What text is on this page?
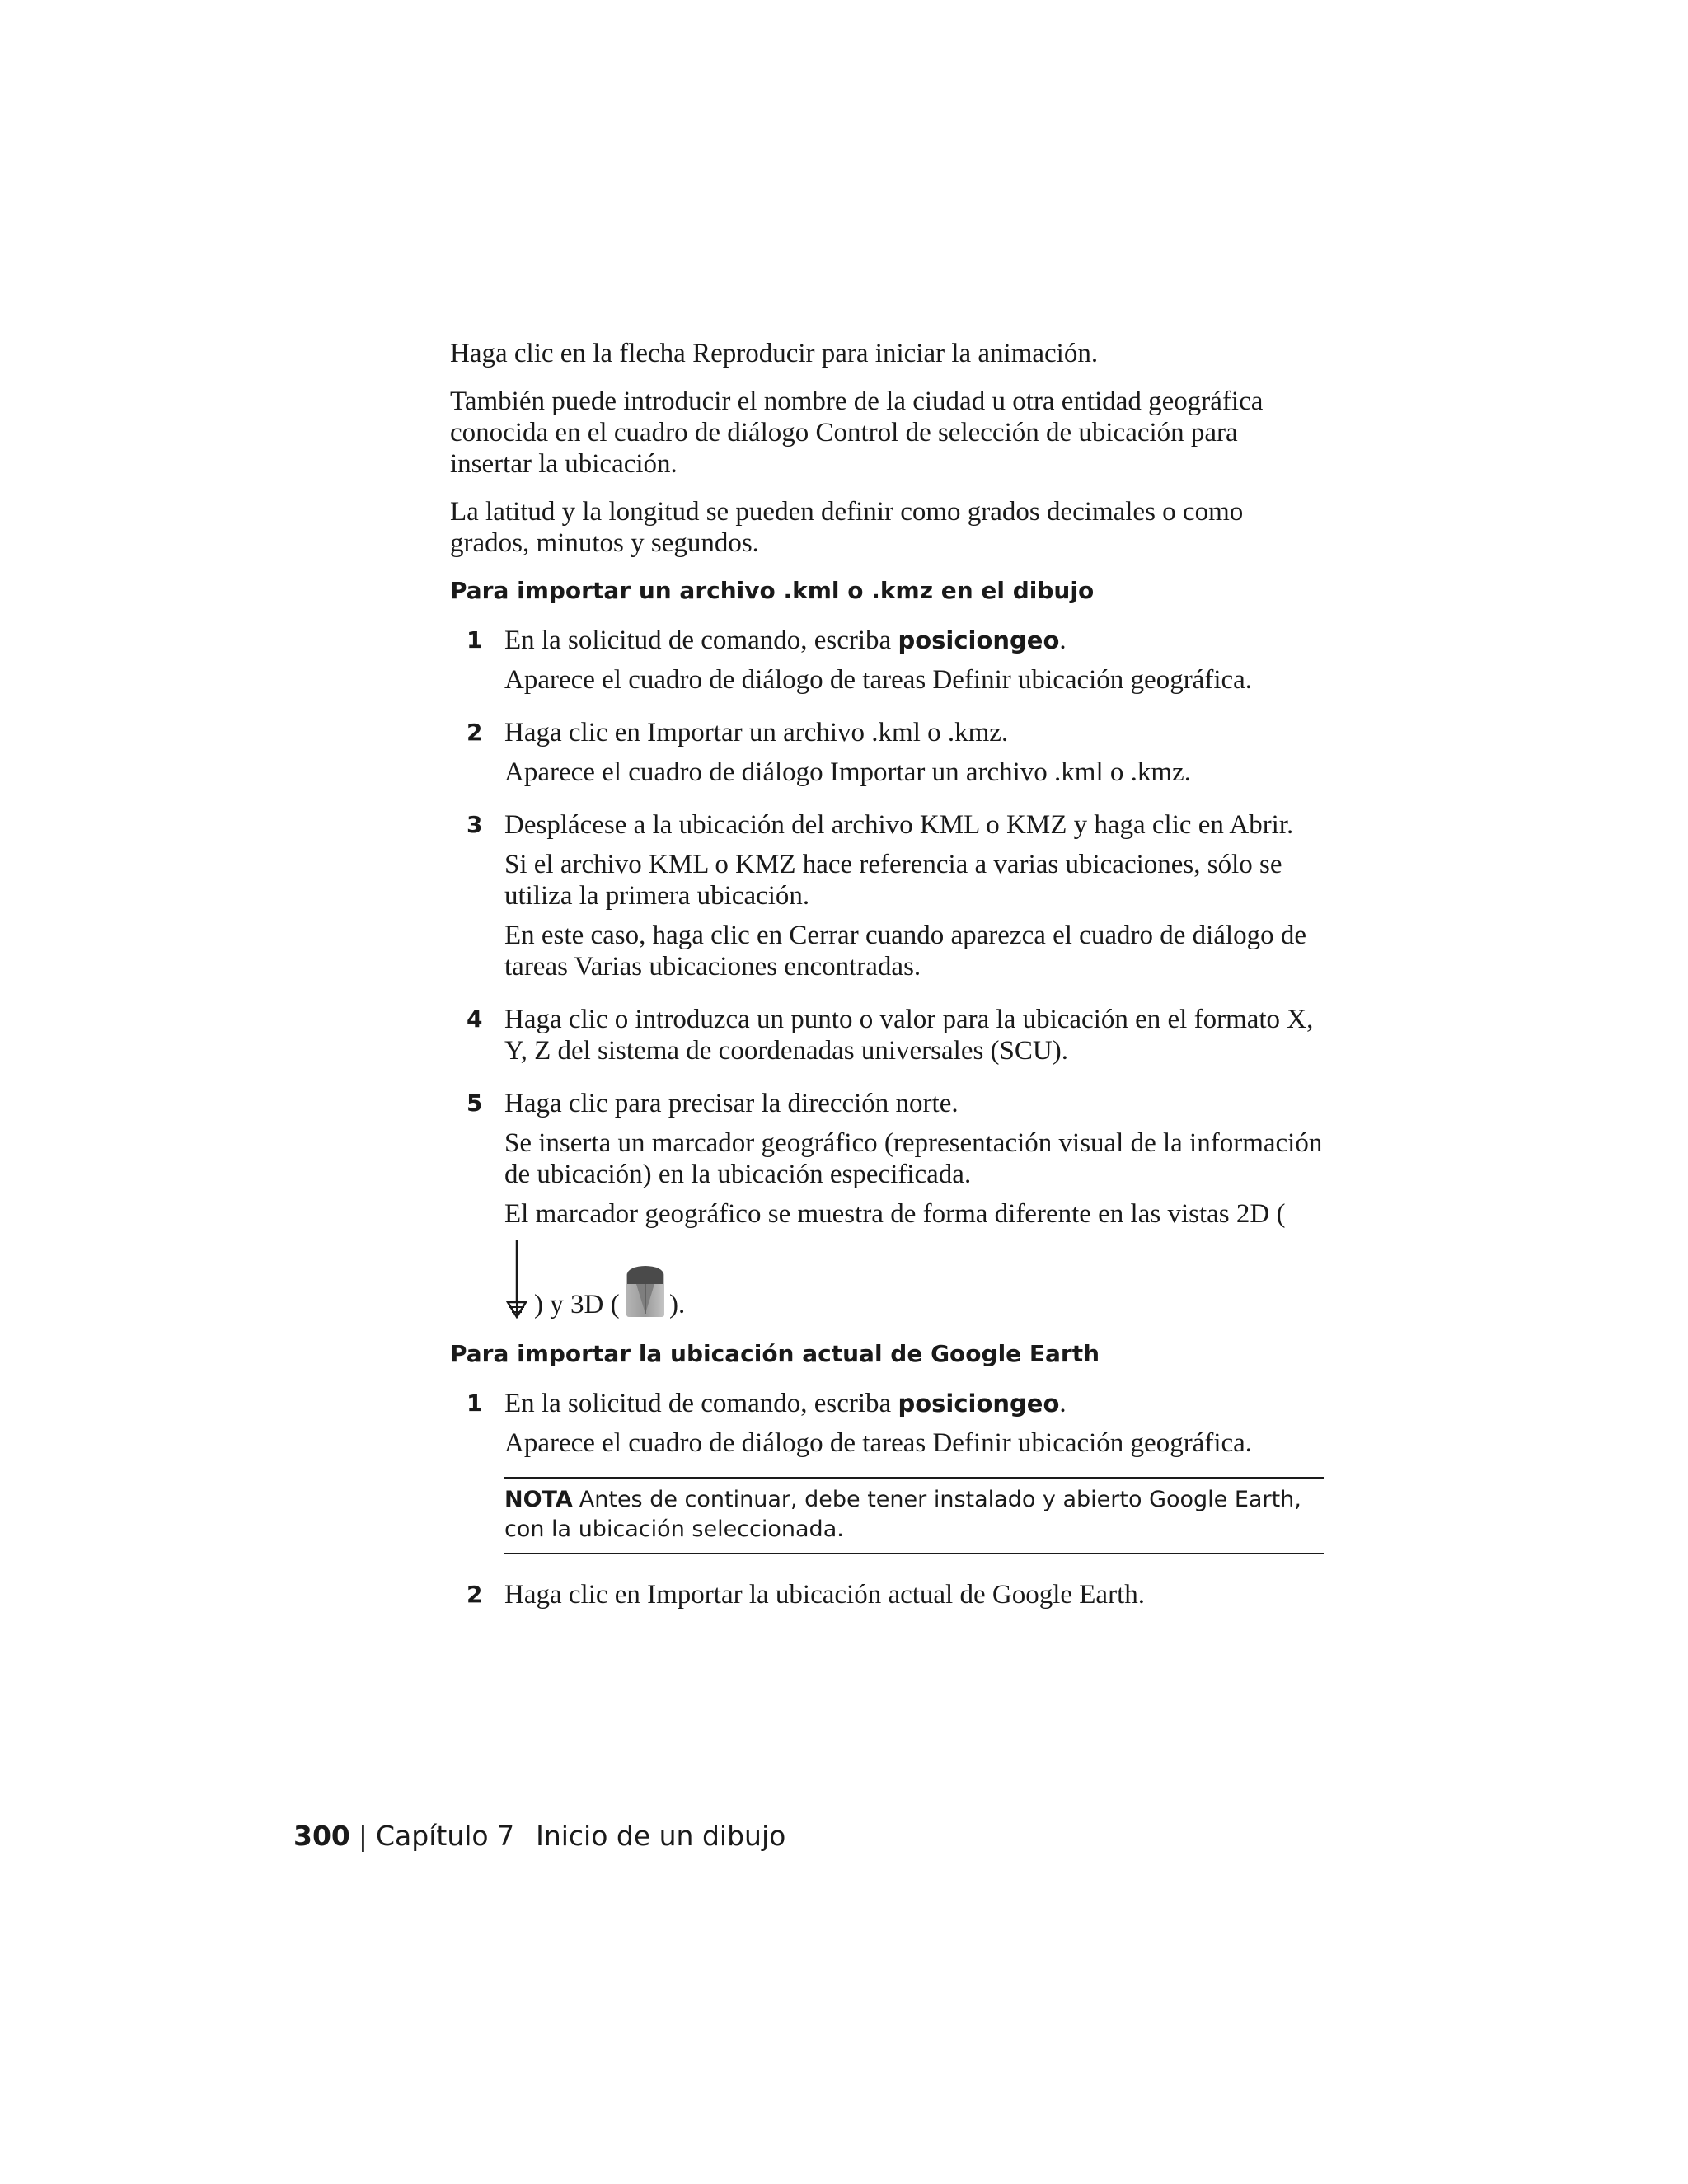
Haga clic en la flecha Reproducir para iniciar la animación.

También puede introducir el nombre de la ciudad u otra entidad geográfica conocida en el cuadro de diálogo Control de selección de ubicación para insertar la ubicación.

La latitud y la longitud se pueden definir como grados decimales o como grados, minutos y segundos.

Para importar un archivo .kml o .kmz en el dibujo
1 En la solicitud de comando, escriba posiciongeo.

Aparece el cuadro de diálogo de tareas Definir ubicación geográfica.

2 Haga clic en Importar un archivo .kml o .kmz.

Aparece el cuadro de diálogo Importar un archivo .kml o .kmz.

3 Desplácese a la ubicación del archivo KML o KMZ y haga clic en Abrir.

Si el archivo KML o KMZ hace referencia a varias ubicaciones, sólo se utiliza la primera ubicación.

En este caso, haga clic en Cerrar cuando aparezca el cuadro de diálogo de tareas Varias ubicaciones encontradas.

4 Haga clic o introduzca un punto o valor para la ubicación en el formato X, Y, Z del sistema de coordenadas universales (SCU).

5 Haga clic para precisar la dirección norte.

Se inserta un marcador geográfico (representación visual de la información de ubicación) en la ubicación especificada.

El marcador geográfico se muestra de forma diferente en las vistas 2D (

) y 3D ( ).
Para importar la ubicación actual de Google Earth
1 En la solicitud de comando, escriba posiciongeo.

Aparece el cuadro de diálogo de tareas Definir ubicación geográfica.

NOTA Antes de continuar, debe tener instalado y abierto Google Earth, con la ubicación seleccionada.
2 Haga clic en Importar la ubicación actual de Google Earth.

300 | Capítulo 7 Inicio de un dibujo
